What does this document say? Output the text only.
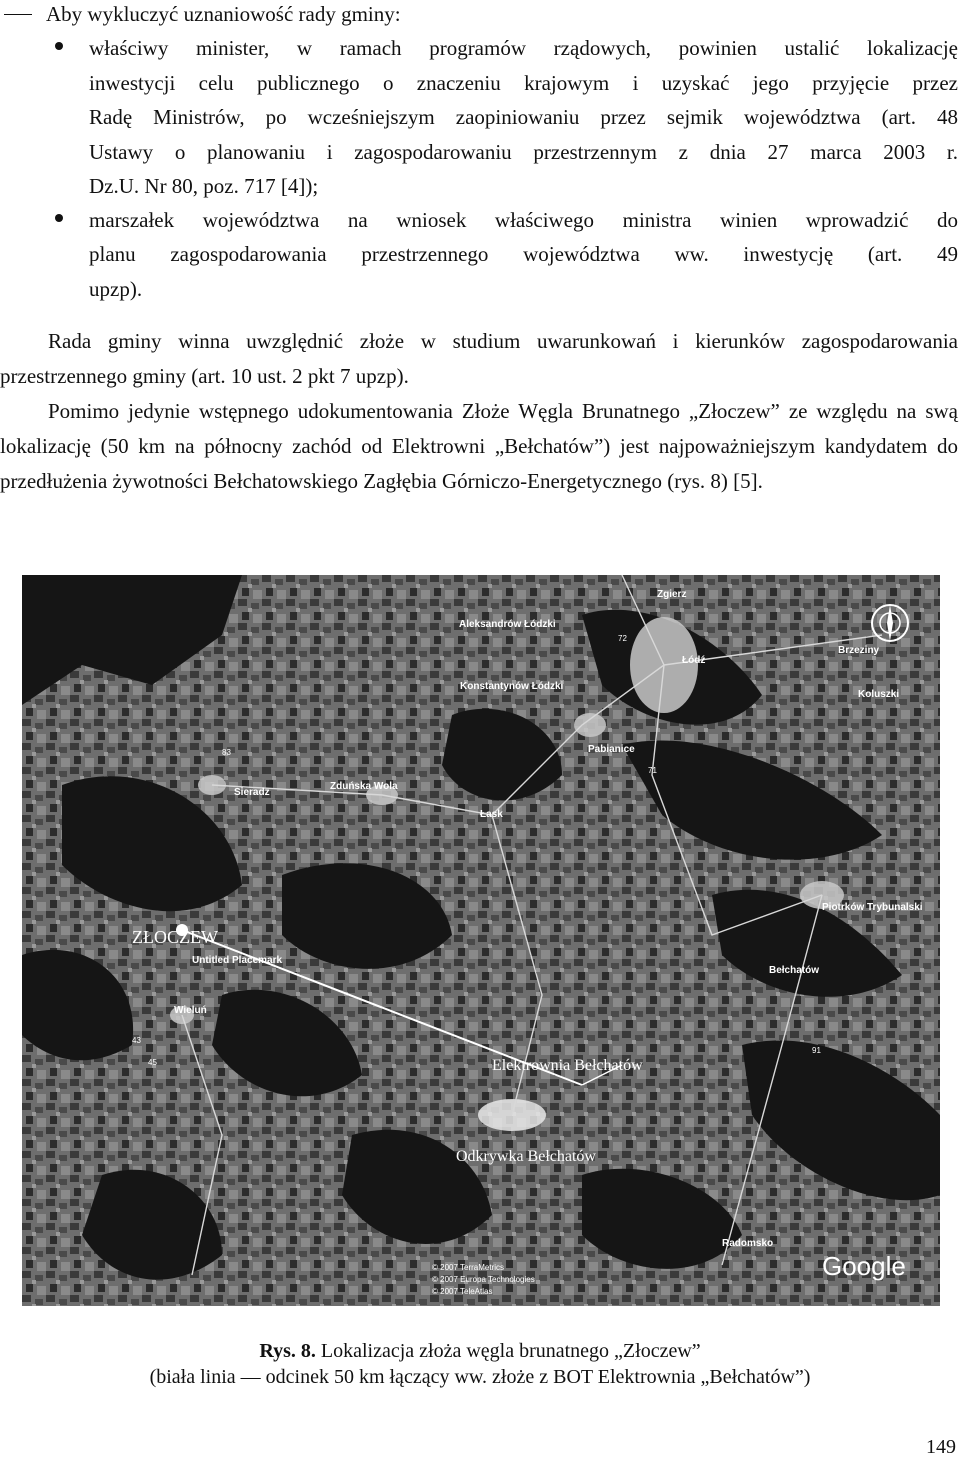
Aby wykluczyć uznaniowość rady gminy:
właściwy minister, w ramach programów rządowych, powinien ustalić lokalizację
inwestycji celu publicznego o znaczeniu krajowym i uzyskać jego przyjęcie przez
Radę Ministrów, po wcześniejszym zaopiniowaniu przez sejmik województwa (art. 48
Ustawy o planowaniu i zagospodarowaniu przestrzennym z dnia 27 marca 2003 r.
Dz.U. Nr 80, poz. 717 [4]);
marszałek województwa na wniosek właściwego ministra winien wprowadzić do
planu zagospodarowania przestrzennego województwa ww. inwestycję (art. 49
upzp).
Rada gminy winna uwzględnić złoże w studium uwarunkowań i kierunków zagospodarowania przestrzennego gminy (art. 10 ust. 2 pkt 7 upzp).
Pomimo jedynie wstępnego udokumentowania Złoże Węgla Brunatnego „Złoczew” ze względu na swą lokalizację (50 km na północny zachód od Elektrowni „Bełchatów”) jest najpoważniejszym kandydatem do przedłużenia żywotności Bełchatowskiego Zagłębia Górniczo-Energetycznego (rys. 8) [5].
Zgierz
Aleksandrów Łódzki
Łódź
Konstantynów Łódzki
Brzeziny
Koluszki
Pabianice
Sieradz
Zduńska Wola
Łask
Piotrków Trybunalski
Bełchatów
Wieluń
Radomsko
72
71
83
91
43
45
ZŁOCZEW
Untitled Placemark
Elektrownia Bełchatów
Odkrywka Bełchatów
© 2007 TerraMetrics
© 2007 Europa Technologies
© 2007 TeleAtlas
Google
Rys. 8. Lokalizacja złoża węgla brunatnego „Złoczew”
(biała linia — odcinek 50 km łączący ww. złoże z BOT Elektrownia „Bełchatów”)
149
